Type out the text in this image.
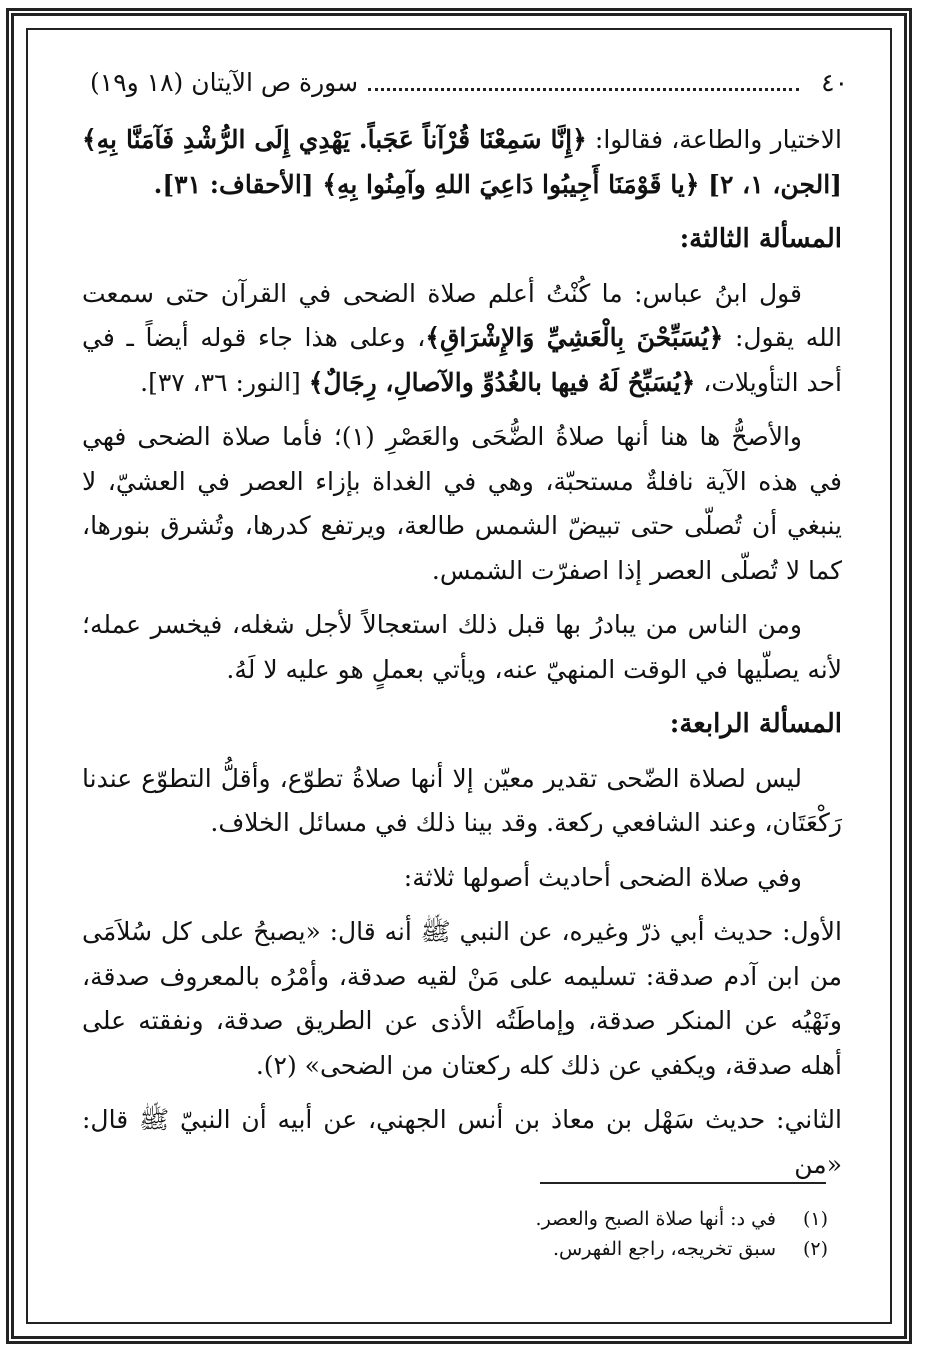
٤٠
سورة ص الآيتان (١٨ و١٩)

الاختيار والطاعة، فقالوا: ﴿إِنَّا سَمِعْنَا قُرْآناً عَجَباً. يَهْدِي إِلَى الرُّشْدِ فَآمَنَّا بِهِ﴾ [الجن، ١، ٢] ﴿يا قَوْمَنَا أَجِيبُوا دَاعِيَ اللهِ وآمِنُوا بِهِ﴾ [الأحقاف: ٣١].

المسألة الثالثة:

قول ابنُ عباس: ما كُنْتُ أعلم صلاة الضحى في القرآن حتى سمعت الله يقول: ﴿يُسَبِّحْنَ بِالْعَشِيِّ وَالإِشْرَاقِ﴾، وعلى هذا جاء قوله أيضاً ـ في أحد التأويلات، ﴿يُسَبِّحُ لَهُ فيها بالغُدُوِّ والآصالِ، رِجَالٌ﴾ [النور: ٣٦، ٣٧].

والأصحُّ ها هنا أنها صلاةُ الضُّحَى والعَصْرِ (١)؛ فأما صلاة الضحى فهي في هذه الآية نافلةٌ مستحبّة، وهي في الغداة بإزاء العصر في العشيّ، لا ينبغي أن تُصلّى حتى تبيضّ الشمس طالعة، ويرتفع كدرها، وتُشرق بنورها، كما لا تُصلّى العصر إذا اصفرّت الشمس.

ومن الناس من يبادرُ بها قبل ذلك استعجالاً لأجل شغله، فيخسر عمله؛ لأنه يصلّيها في الوقت المنهيّ عنه، ويأتي بعملٍ هو عليه لا لَهُ.

المسألة الرابعة:

ليس لصلاة الضّحى تقدير معيّن إلا أنها صلاةُ تطوّع، وأقلُّ التطوّع عندنا رَكْعَتَان، وعند الشافعي ركعة. وقد بينا ذلك في مسائل الخلاف.

وفي صلاة الضحى أحاديث أصولها ثلاثة:

الأول: حديث أبي ذرّ وغيره، عن النبي ﷺ أنه قال: «يصبحُ على كل سُلاَمَى من ابن آدم صدقة: تسليمه على مَنْ لقيه صدقة، وأمْرُه بالمعروف صدقة، ونَهْيُه عن المنكر صدقة، وإماطَتُه الأذى عن الطريق صدقة، ونفقته على أهله صدقة، ويكفي عن ذلك كله ركعتان من الضحى» (٢).

الثاني: حديث سَهْل بن معاذ بن أنس الجهني، عن أبيه أن النبيّ ﷺ قال: «من

(١)
في د: أنها صلاة الصبح والعصر.
(٢)
سبق تخريجه، راجع الفهرس.
